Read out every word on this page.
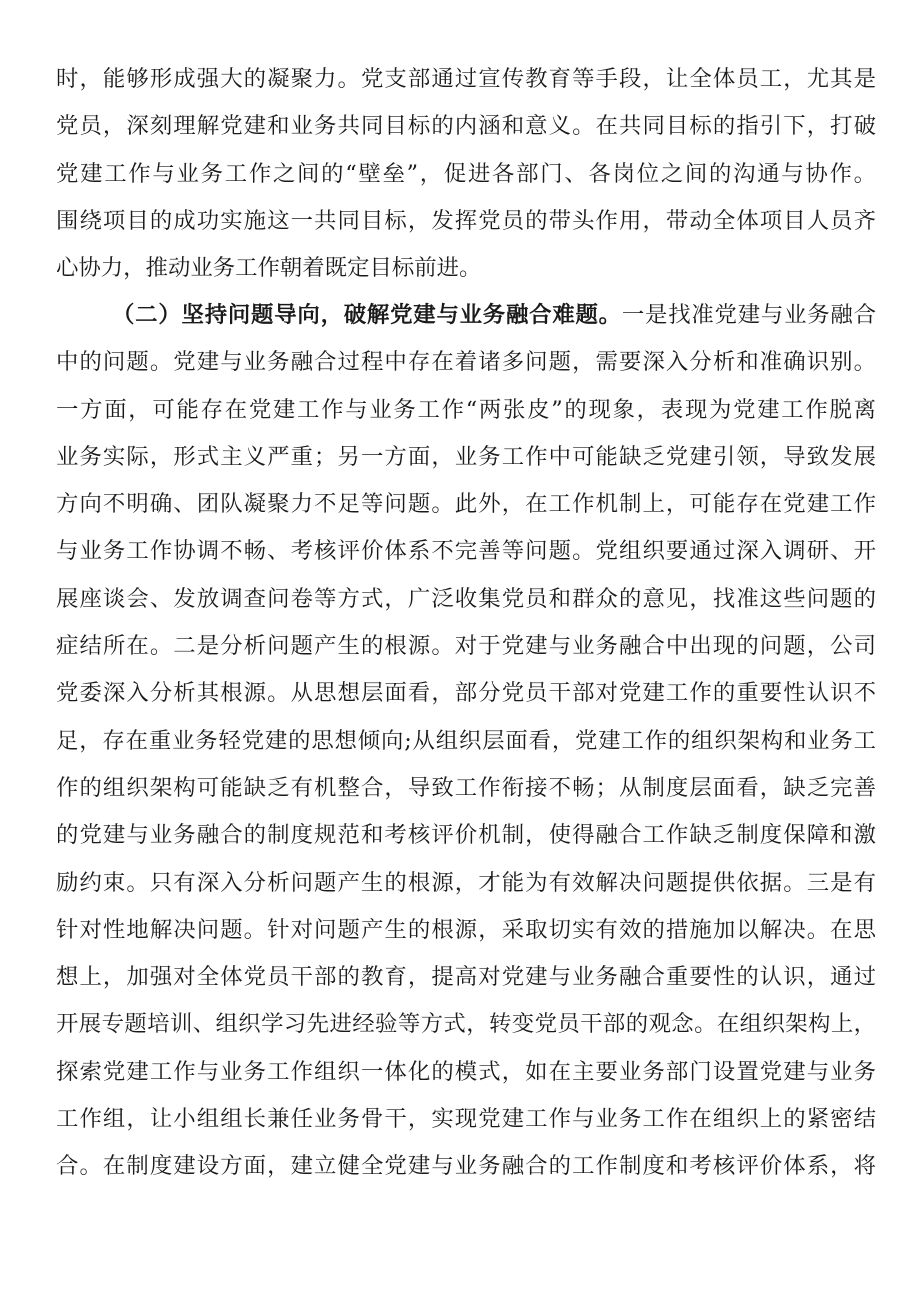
时，能够形成强大的凝聚力。党支部通过宣传教育等手段，让全体员工，尤其是
党员，深刻理解党建和业务共同目标的内涵和意义。在共同目标的指引下，打破
党建工作与业务工作之间的“壁垒”，促进各部门、各岗位之间的沟通与协作。
围绕项目的成功实施这一共同目标，发挥党员的带头作用，带动全体项目人员齐
心协力，推动业务工作朝着既定目标前进。
（二）坚持问题导向，破解党建与业务融合难题。一是找准党建与业务融合
中的问题。党建与业务融合过程中存在着诸多问题，需要深入分析和准确识别。
一方面，可能存在党建工作与业务工作“两张皮”的现象，表现为党建工作脱离
业务实际，形式主义严重；另一方面，业务工作中可能缺乏党建引领，导致发展
方向不明确、团队凝聚力不足等问题。此外，在工作机制上，可能存在党建工作
与业务工作协调不畅、考核评价体系不完善等问题。党组织要通过深入调研、开
展座谈会、发放调查问卷等方式，广泛收集党员和群众的意见，找准这些问题的
症结所在。二是分析问题产生的根源。对于党建与业务融合中出现的问题，公司
党委深入分析其根源。从思想层面看，部分党员干部对党建工作的重要性认识不
足，存在重业务轻党建的思想倾向;从组织层面看，党建工作的组织架构和业务工
作的组织架构可能缺乏有机整合，导致工作衔接不畅；从制度层面看，缺乏完善
的党建与业务融合的制度规范和考核评价机制，使得融合工作缺乏制度保障和激
励约束。只有深入分析问题产生的根源，才能为有效解决问题提供依据。三是有
针对性地解决问题。针对问题产生的根源，采取切实有效的措施加以解决。在思
想上，加强对全体党员干部的教育，提高对党建与业务融合重要性的认识，通过
开展专题培训、组织学习先进经验等方式，转变党员干部的观念。在组织架构上，
探索党建工作与业务工作组织一体化的模式，如在主要业务部门设置党建与业务
工作组，让小组组长兼任业务骨干，实现党建工作与业务工作在组织上的紧密结
合。在制度建设方面，建立健全党建与业务融合的工作制度和考核评价体系，将
